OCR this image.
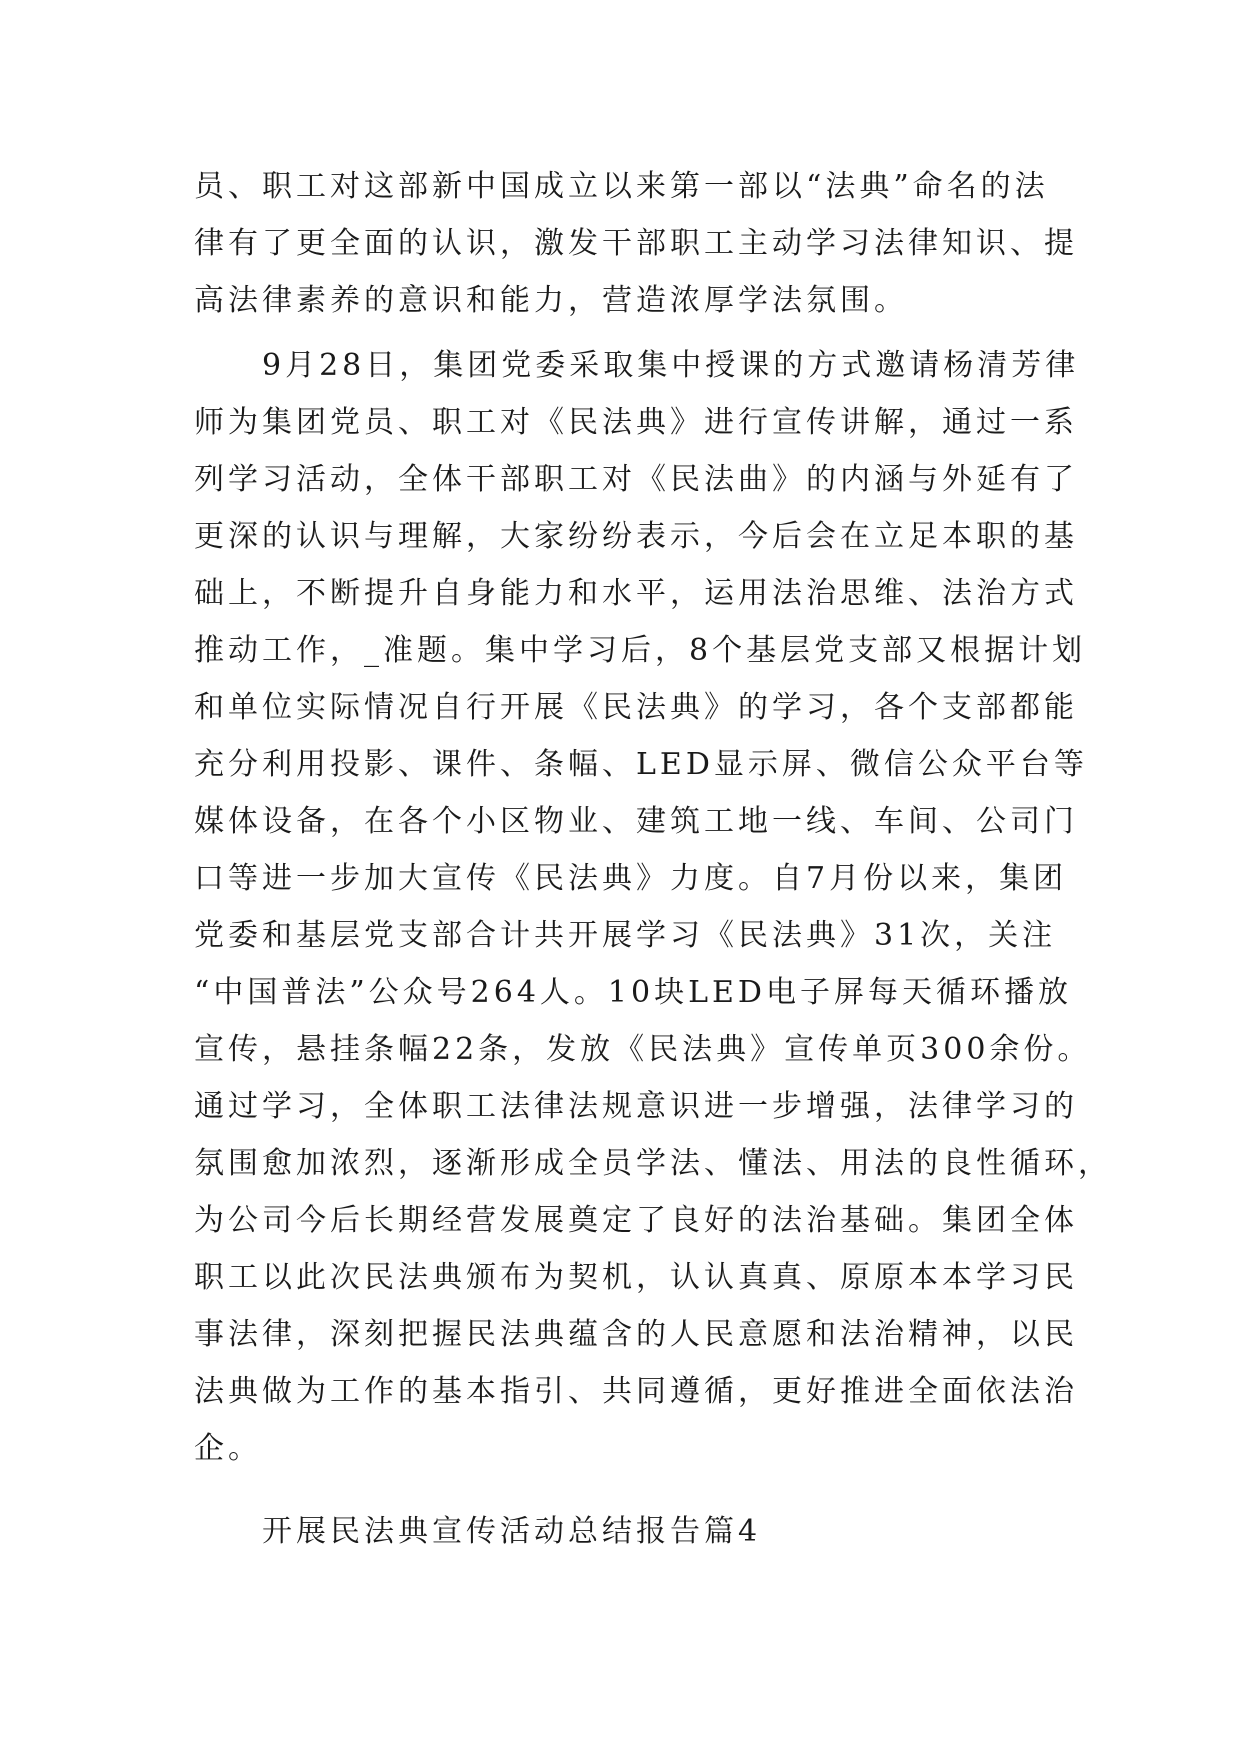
员、职工对这部新中国成立以来第一部以“法典”命名的法
律有了更全面的认识，激发干部职工主动学习法律知识、提
高法律素养的意识和能力，营造浓厚学法氛围。
　　9月28日，集团党委采取集中授课的方式邀请杨清芳律
师为集团党员、职工对《民法典》进行宣传讲解，通过一系
列学习活动，全体干部职工对《民法曲》的内涵与外延有了
更深的认识与理解，大家纷纷表示，今后会在立足本职的基
础上，不断提升自身能力和水平，运用法治思维、法治方式
推动工作，_准题。集中学习后，8个基层党支部又根据计划
和单位实际情况自行开展《民法典》的学习，各个支部都能
充分利用投影、课件、条幅、LED显示屏、微信公众平台等
媒体设备，在各个小区物业、建筑工地一线、车间、公司门
口等进一步加大宣传《民法典》力度。自7月份以来，集团
党委和基层党支部合计共开展学习《民法典》31次，关注
“中国普法”公众号264人。10块LED电子屏每天循环播放
宣传，悬挂条幅22条，发放《民法典》宣传单页300余份。
通过学习，全体职工法律法规意识进一步增强，法律学习的
氛围愈加浓烈，逐渐形成全员学法、懂法、用法的良性循环，
为公司今后长期经营发展奠定了良好的法治基础。集团全体
职工以此次民法典颁布为契机，认认真真、原原本本学习民
事法律，深刻把握民法典蕴含的人民意愿和法治精神，以民
法典做为工作的基本指引、共同遵循，更好推进全面依法治
企。
　　开展民法典宣传活动总结报告篇4
